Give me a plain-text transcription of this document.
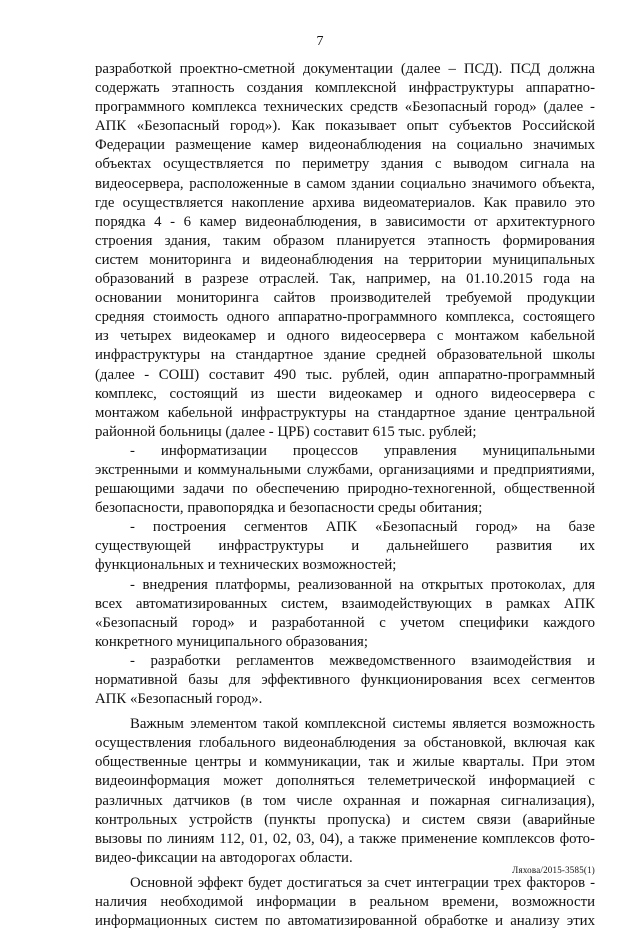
7
разработкой проектно-сметной документации (далее – ПСД). ПСД должна
содержать этапность создания комплексной инфраструктуры аппаратно-
программного комплекса технических средств «Безопасный город» (далее -
АПК «Безопасный город»). Как показывает опыт субъектов Российской
Федерации размещение камер видеонаблюдения на социально значимых
объектах осуществляется по периметру здания с выводом сигнала на
видеосервера, расположенные в самом здании социально значимого объекта,
где осуществляется накопление архива видеоматериалов. Как правило это
порядка 4 - 6 камер видеонаблюдения, в зависимости от архитектурного
строения здания, таким образом планируется этапность формирования
систем мониторинга и видеонаблюдения на территории муниципальных
образований в разрезе отраслей. Так, например, на 01.10.2015 года на
основании мониторинга сайтов производителей требуемой продукции
средняя стоимость одного аппаратно-программного комплекса, состоящего
из четырех видеокамер и одного видеосервера с монтажом кабельной
инфраструктуры на стандартное здание средней образовательной школы
(далее - СОШ) составит 490 тыс. рублей, один аппаратно-программный
комплекс, состоящий из шести видеокамер и одного видеосервера с
монтажом кабельной инфраструктуры на стандартное здание центральной
районной больницы (далее - ЦРБ) составит 615 тыс. рублей;
- информатизации процессов управления муниципальными
экстренными и коммунальными службами, организациями и предприятиями,
решающими задачи по обеспечению природно-техногенной, общественной
безопасности, правопорядка и безопасности среды обитания;
- построения сегментов АПК «Безопасный город» на базе
существующей инфраструктуры и дальнейшего развития их
функциональных и технических возможностей;
- внедрения платформы, реализованной на открытых протоколах, для
всех автоматизированных систем, взаимодействующих в рамках АПК
«Безопасный город» и разработанной с учетом специфики каждого
конкретного муниципального образования;
- разработки регламентов межведомственного взаимодействия и
нормативной базы для эффективного функционирования всех сегментов
АПК «Безопасный город».
Важным элементом такой комплексной системы является возможность
осуществления глобального видеонаблюдения за обстановкой, включая как
общественные центры и коммуникации, так и жилые кварталы. При этом
видеоинформация может дополняться телеметрической информацией с
различных датчиков (в том числе охранная и пожарная сигнализация),
контрольных устройств (пункты пропуска) и систем связи (аварийные
вызовы по линиям 112, 01, 02, 03, 04), а также применение комплексов фото-
видео-фиксации на автодорогах области.
Основной эффект будет достигаться за счет интеграции трех факторов -
наличия необходимой информации в реальном времени, возможности
информационных систем по автоматизированной обработке и анализу этих
Ляхова/2015-3585(1)
